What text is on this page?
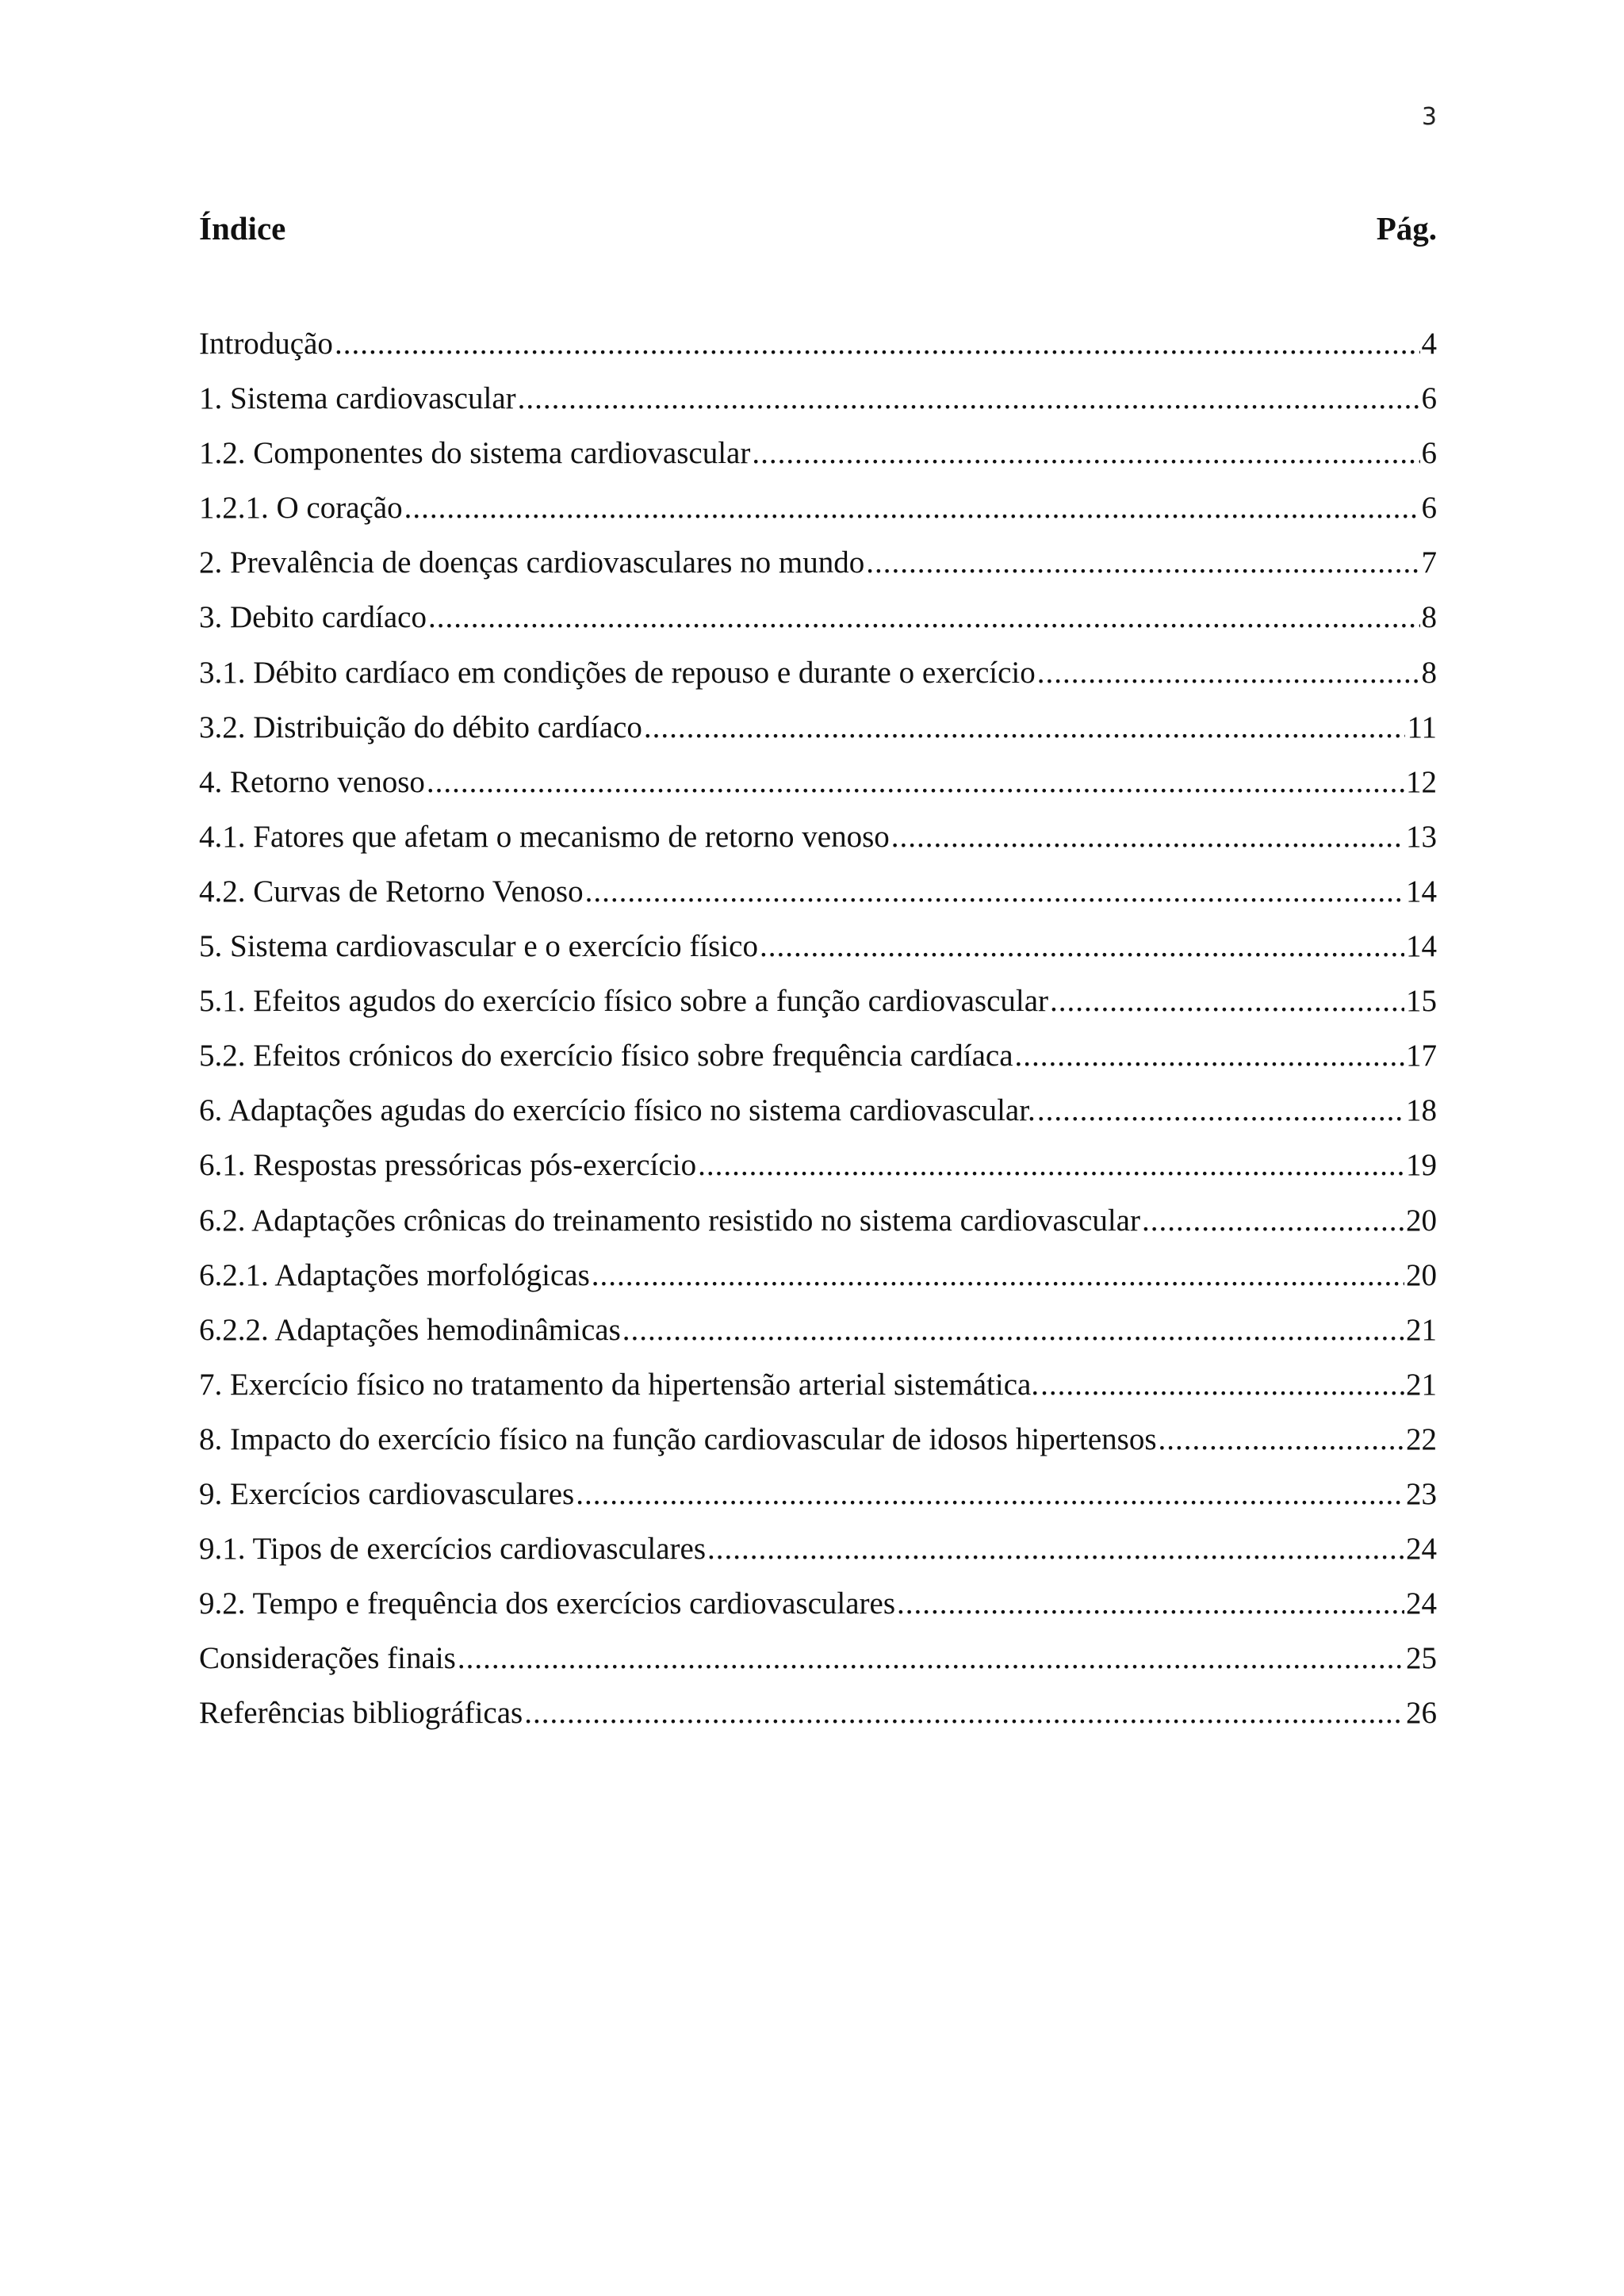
3
Índice	Pág.
Introdução .....	4
1. Sistema cardiovascular .....	6
1.2. Componentes do sistema cardiovascular .....	6
1.2.1. O coração .....	6
2. Prevalência de doenças cardiovasculares no mundo .....	7
3. Debito cardíaco .....	8
3.1. Débito cardíaco em condições de repouso e durante o exercício .....	8
3.2. Distribuição do débito cardíaco .....	11
4. Retorno venoso .....	12
4.1. Fatores que afetam o mecanismo de retorno venoso .....	13
4.2. Curvas de Retorno Venoso .....	14
5. Sistema cardiovascular e o exercício físico .....	14
5.1. Efeitos agudos do exercício físico sobre a função cardiovascular .....	15
5.2. Efeitos crónicos do exercício físico sobre frequência cardíaca .....	17
6. Adaptações agudas do exercício físico no sistema cardiovascular. .....	18
6.1. Respostas pressóricas pós-exercício .....	19
6.2. Adaptações crônicas do treinamento resistido no sistema cardiovascular .....	20
6.2.1. Adaptações morfológicas .....	20
6.2.2. Adaptações hemodinâmicas .....	21
7. Exercício físico no tratamento da hipertensão arterial sistemática. .....	21
8. Impacto do exercício físico na função cardiovascular de idosos hipertensos .....	22
9. Exercícios cardiovasculares .....	23
9.1. Tipos de exercícios cardiovasculares .....	24
9.2. Tempo e frequência dos exercícios cardiovasculares .....	24
Considerações finais .....	25
Referências bibliográficas .....	26
